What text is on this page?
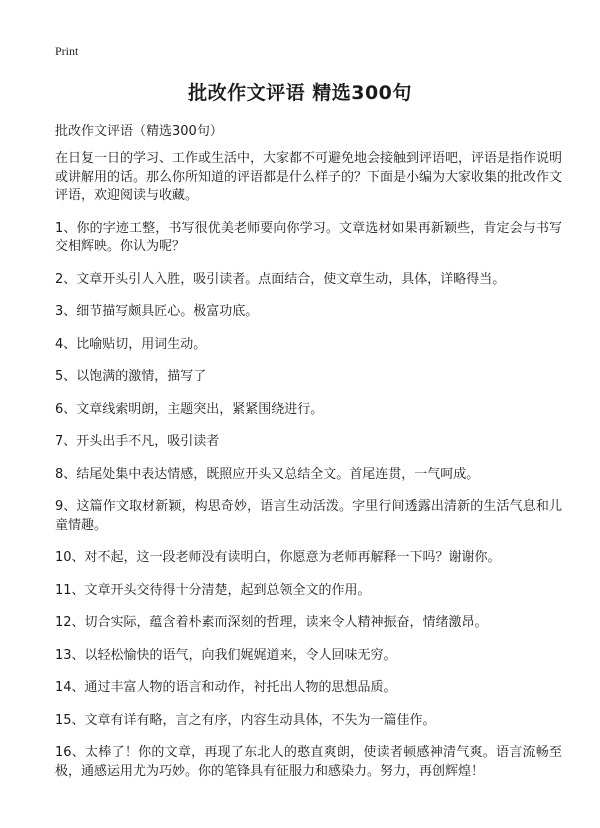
Print
批改作文评语 精选300句
批改作文评语（精选300句）

在日复一日的学习、工作或生活中，大家都不可避免地会接触到评语吧，评语是指作说明或讲解用的话。那么你所知道的评语都是什么样子的？下面是小编为大家收集的批改作文评语，欢迎阅读与收藏。

1、你的字迹工整，书写很优美老师要向你学习。文章选材如果再新颖些，肯定会与书写交相辉映。你认为呢？

2、文章开头引人入胜，吸引读者。点面结合，使文章生动，具体，详略得当。

3、细节描写颇具匠心。极富功底。

4、比喻贴切，用词生动。

5、以饱满的激情，描写了

6、文章线索明朗，主题突出，紧紧围绕进行。

7、开头出手不凡，吸引读者

8、结尾处集中表达情感，既照应开头又总结全文。首尾连贯，一气呵成。

9、这篇作文取材新颖，构思奇妙，语言生动活泼。字里行间透露出清新的生活气息和儿童情趣。

10、对不起，这一段老师没有读明白，你愿意为老师再解释一下吗？谢谢你。

11、文章开头交待得十分清楚，起到总领全文的作用。

12、切合实际，蕴含着朴素而深刻的哲理，读来令人精神振奋，情绪激昂。

13、以轻松愉快的语气，向我们娓娓道来，令人回味无穷。

14、通过丰富人物的语言和动作，衬托出人物的思想品质。

15、文章有详有略，言之有序，内容生动具体，不失为一篇佳作。

16、太棒了！你的文章，再现了东北人的憨直爽朗，使读者顿感神清气爽。语言流畅至极，通感运用尤为巧妙。你的笔锋具有征服力和感染力。努力，再创辉煌！
